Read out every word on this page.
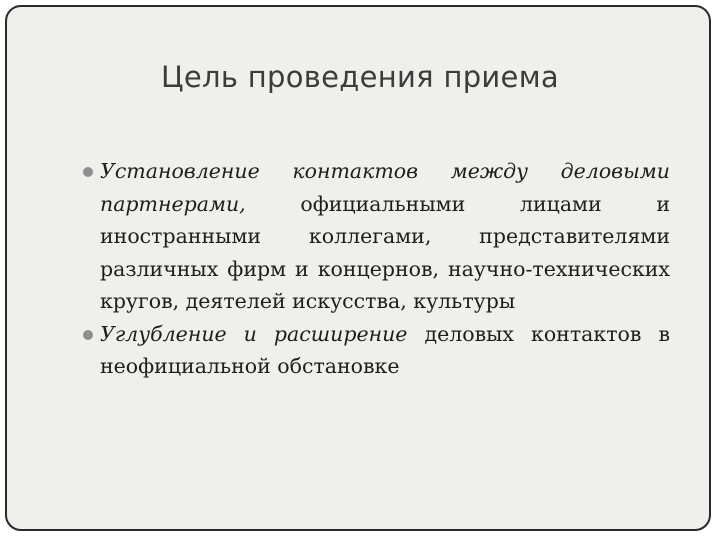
Цель проведения приема
Установление контактов между деловыми партнерами, официальными лицами и иностранными коллегами, представителями различных фирм и концернов, научно-технических кругов, деятелей искусства, культуры
Углубление и расширение деловых контактов в неофициальной обстановке
